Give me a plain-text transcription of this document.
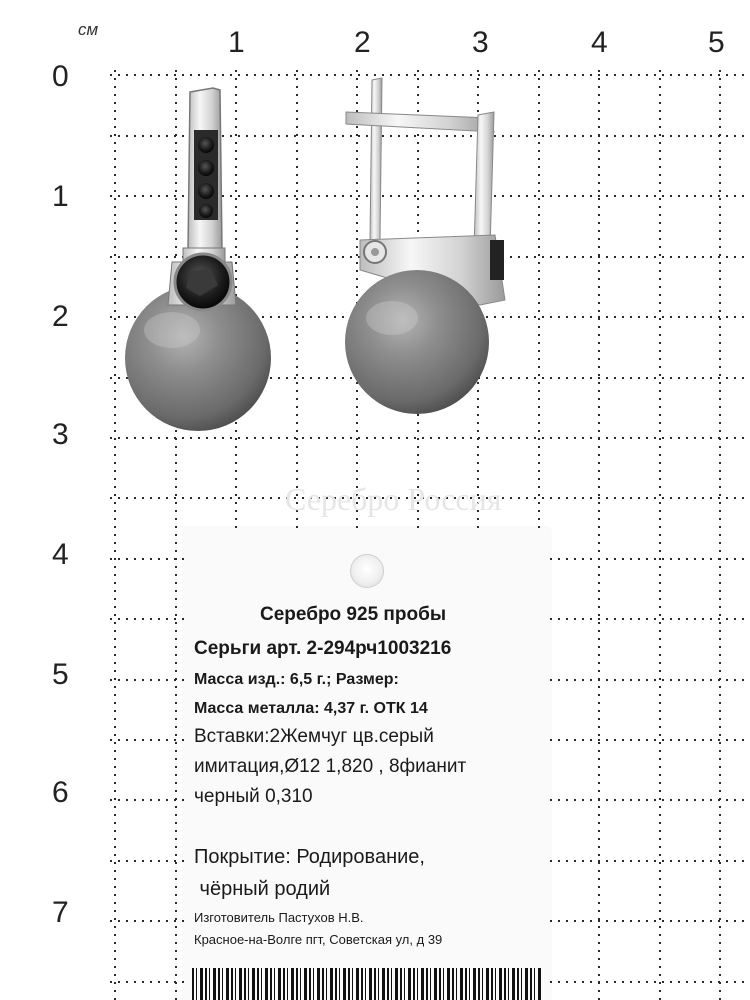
Серебро Россия
см	1	2	3	4	5
0
1
2
3
4
5
6
7
Серебро 925 пробы
Серьги арт. 2-294рч1003216
Масса изд.: 6,5 г.; Размер:
Масса металла: 4,37 г. ОТК 14
Вставки:2Жемчуг цв.серый
имитация,Ø12 1,820 , 8фианит
черный 0,310
Покрытие: Родирование,
чёрный родий
Изготовитель Пастухов Н.В.
Красное-на-Волге пгт, Советская ул, д 39
